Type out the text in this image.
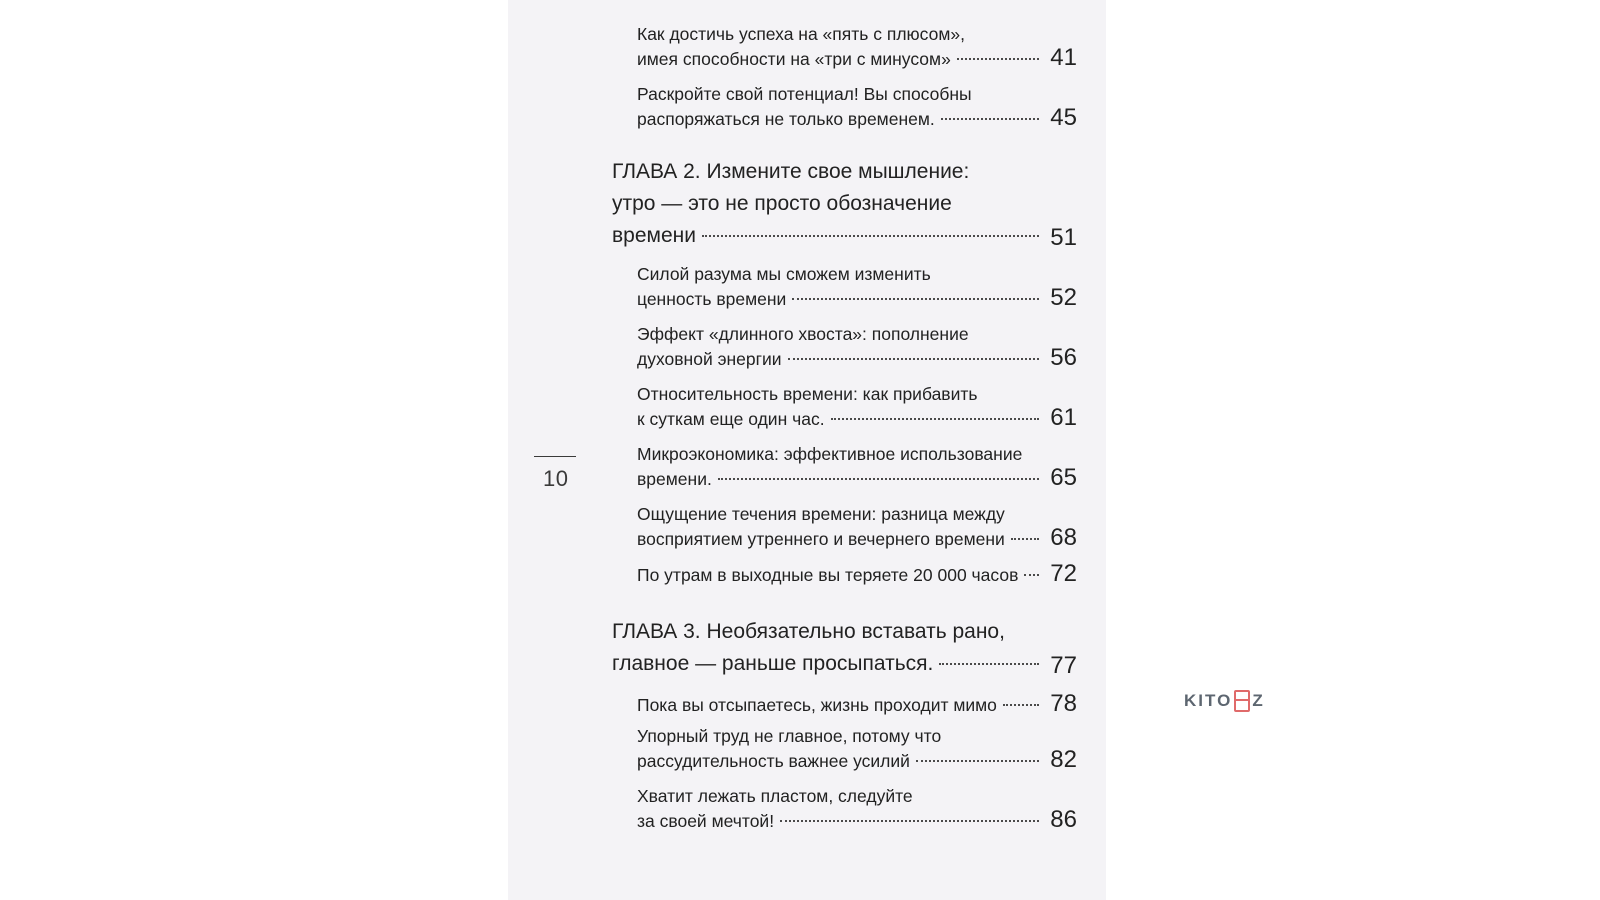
10
Как достичь успеха на «пять с плюсом»,
имея способности на «три с минусом»	41
Раскройте свой потенциал! Вы способны
распоряжаться не только временем.	45
ГЛАВА 2. Измените свое мышление:
утро — это не просто обозначение
времени	51
Силой разума мы сможем изменить
ценность времени	52
Эффект «длинного хвоста»: пополнение
духовной энергии	56
Относительность времени: как прибавить
к суткам еще один час.	61
Микроэкономика: эффективное использование
времени.	65
Ощущение течения времени: разница между
восприятием утреннего и вечернего времени 68
По утрам в выходные вы теряете 20 000 часов 72
ГЛАВА 3. Необязательно вставать рано,
главное — раньше просыпаться.	77
Пока вы отсыпаетесь, жизнь проходит мимо 78
Упорный труд не главное, потому что
рассудительность важнее усилий	82
Хватит лежать пластом, следуйте
за своей мечтой!	86
KITO Z
